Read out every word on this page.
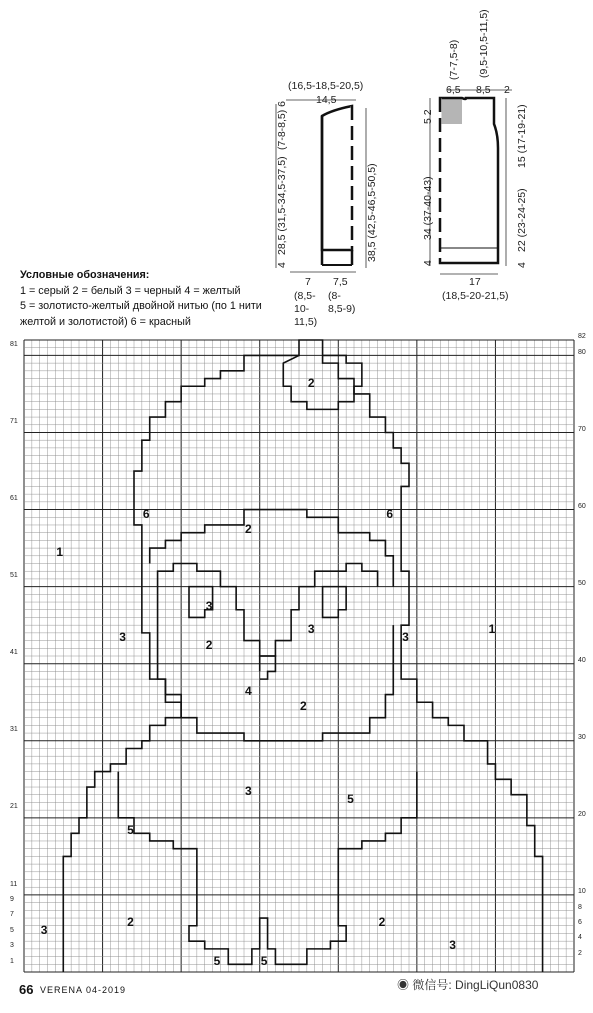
(16,5-18,5-20,5)
14,5
(7-8-8,5) 6
28,5 (31,5-34,5-37,5)
4
38,5 (42,5-46,5-50,5)
7 7,5
(8,5-10-11,5)
(8-8,5-9)
(9,5-10,5-11,5)
(7-7,5-8)
6,5 8,5 2
5 2
34 (37-40-43)
4
15 (17-19-21)
22 (23-24-25)
4
17
(18,5-20-21,5)
Условные обозначения:
1 = серый 2 = белый 3 = черный 4 = желтый
5 = золотисто-желтый двойной нитью (по 1 нити
желтой и золотистой) 6 = красный
81
71
61
51
41
31
21
11
9
7
5
3
1
82
80
70
60
50
40
30
20
10
8
6
4
2
1
1
2
6	6
2
3
3
2
3
3
4
2
3
5
5
2	2
3
3
5	5
66 VERENA 04-2019	◉ 微信号: DingLiQun0830
